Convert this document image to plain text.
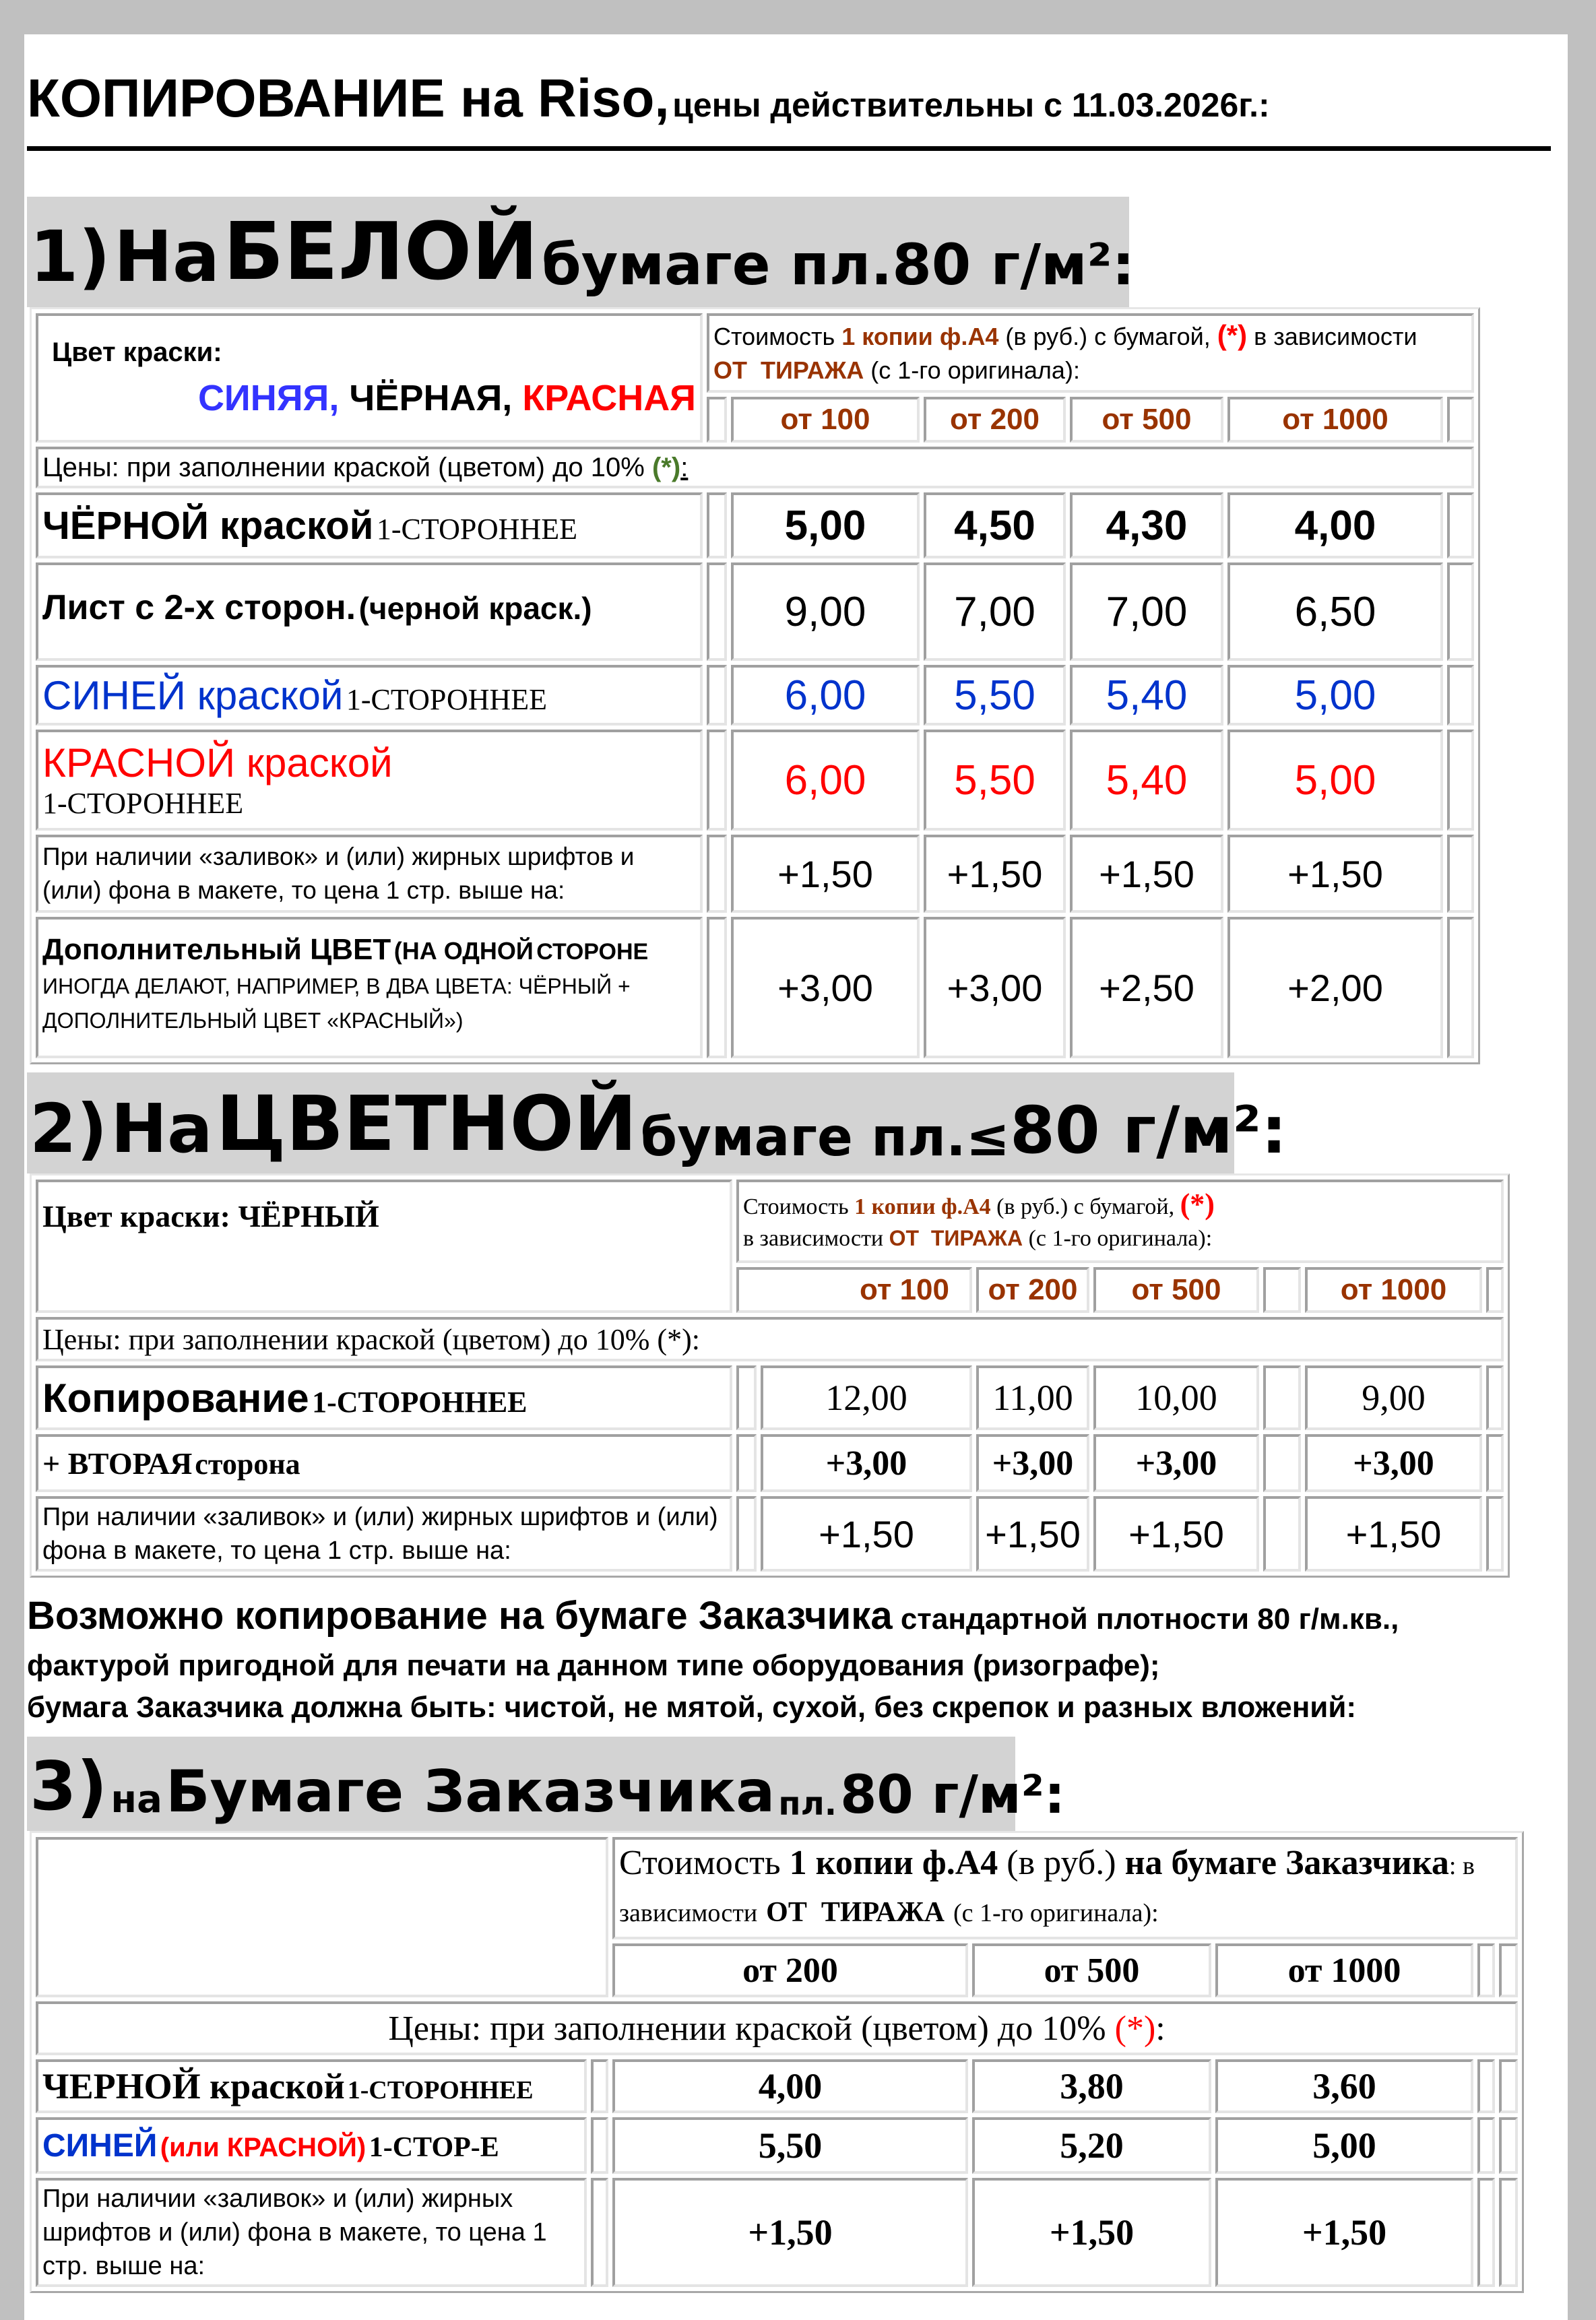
КОПИРОВАНИЕ на Riso, цены действительны с 11.03.2026г.:
1)
На
БЕЛОЙ
бумаге пл.80 г/м²:
Цвет краски:
СИНЯЯ, ЧЁРНАЯ, КРАСНАЯ	Стоимость 1 копии ф.А4 (в руб.) с бумагой, (*) в зависимости ОТ  ТИРАЖА (с 1-го оригинала):					
		от 100	от 200	от 500	от 1000	
Цены: при заполнении краской (цветом) до 10% (*):						
ЧЁРНОЙ краской 1-СТОРОННЕЕ		5,00	4,50	4,30	4,00	
Лист с 2-х сторон. (черной краск.)		9,00	7,00	7,00	6,50	
СИНЕЙ краской 1-СТОРОННЕЕ		6,00	5,50	5,40	5,00	

КРАСНОЙ краской
1-СТОРОННЕЕ		6,00	5,50	5,40	5,00	
При наличии «заливок» и (или) жирных шрифтов и (или) фона в макете, то цена 1 стр. выше на:		+1,50	+1,50	+1,50	+1,50	
Дополнительный ЦВЕТ (НА ОДНОЙ СТОРОНЕ ИНОГДА ДЕЛАЮТ, НАПРИМЕР, В ДВА ЦВЕТА: ЧЁРНЫЙ + ДОПОЛНИТЕЛЬНЫЙ ЦВЕТ «КРАСНЫЙ»)		+3,00	+3,00	+2,50	+2,00	
2)
На
ЦВЕТНОЙ
бумаге пл.≤ 80 г/м²:
Цвет краски: ЧЁРНЫЙ	Стоимость 1 копии ф.А4 (в руб.) с бумагой, (*)
в зависимости ОТ  ТИРАЖА (с 1-го оригинала):						
	от 100		от 200	от 500		от 1000	
Цены: при заполнении краской (цветом) до 10% (*):							
Копирование 1-СТОРОННЕЕ		12,00	11,00	10,00		9,00	
+ ВТОРАЯ сторона		+3,00	+3,00	+3,00		+3,00	
При наличии «заливок» и (или) жирных шрифтов и (или) фона в макете, то цена 1 стр. выше на:		+1,50	+1,50	+1,50		+1,50	
Возможно копирование на бумаге Заказчика стандартной плотности 80 г/м.кв., фактурой пригодной для печати на данном типе оборудования (ризографе);
бумага Заказчика должна быть: чистой, не мятой, сухой, без скрепок и разных вложений:
3)
на
Бумаге Заказчика
пл.
80 г/м²:
		Стоимость 1 копии ф.А4 (в руб.) на бумаге Заказчика: в зависимости ОТ  ТИРАЖА (с 1-го оригинала):				
		от 200	от 500	от 1000		
Цены: при заполнении краской (цветом) до 10% (*):						
ЧЕРНОЙ краской 1-СТОРОННЕЕ		4,00	3,80	3,60		
СИНЕЙ (или КРАСНОЙ) 1-СТОР-Е		5,50	5,20	5,00		
При наличии «заливок» и (или) жирных шрифтов и (или) фона в макете, то цена 1 стр. выше на:		+1,50	+1,50	+1,50		
